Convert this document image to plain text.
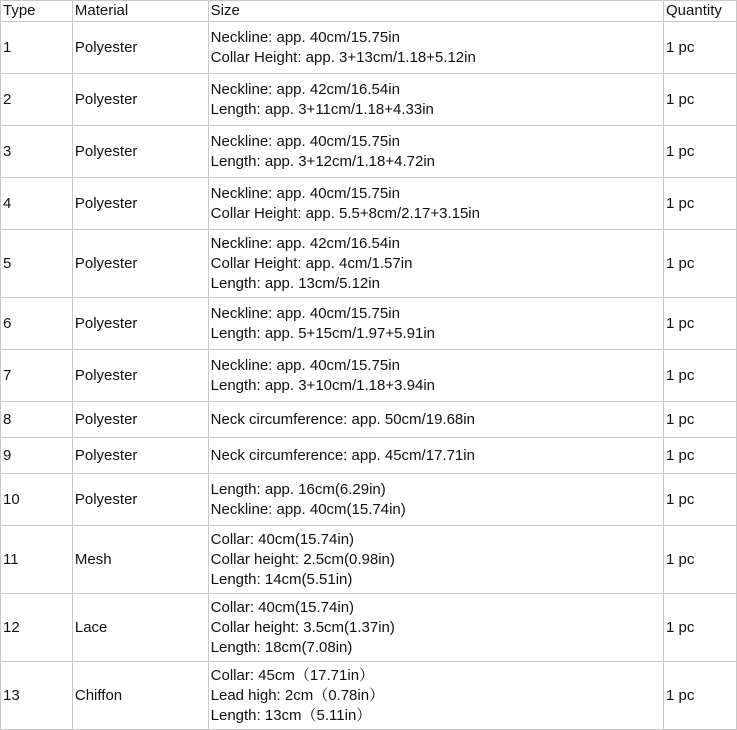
Type	Material	Size	Quantity
1	Polyester	Neckline: app. 40cm/15.75in
Collar Height: app. 3+13cm/1.18+5.12in	1 pc
2	Polyester	Neckline: app. 42cm/16.54in
Length: app. 3+11cm/1.18+4.33in	1 pc
3	Polyester	Neckline: app. 40cm/15.75in
Length: app. 3+12cm/1.18+4.72in	1 pc
4	Polyester	Neckline: app. 40cm/15.75in
Collar Height: app. 5.5+8cm/2.17+3.15in	1 pc
5	Polyester	Neckline: app. 42cm/16.54in
Collar Height: app. 4cm/1.57in
Length: app. 13cm/5.12in	1 pc
6	Polyester	Neckline: app. 40cm/15.75in
Length: app. 5+15cm/1.97+5.91in	1 pc
7	Polyester	Neckline: app. 40cm/15.75in
Length: app. 3+10cm/1.18+3.94in	1 pc
8	Polyester	Neck circumference: app. 50cm/19.68in	1 pc
9	Polyester	Neck circumference: app. 45cm/17.71in	1 pc
10	Polyester	Length: app. 16cm(6.29in)
Neckline: app. 40cm(15.74in)	1 pc
11	Mesh	Collar: 40cm(15.74in)
Collar height: 2.5cm(0.98in)
Length: 14cm(5.51in)	1 pc
12	Lace	Collar: 40cm(15.74in)
Collar height: 3.5cm(1.37in)
Length: 18cm(7.08in)	1 pc
13	Chiffon	Collar: 45cm（17.71in）
Lead high: 2cm（0.78in）
Length: 13cm（5.11in）	1 pc
